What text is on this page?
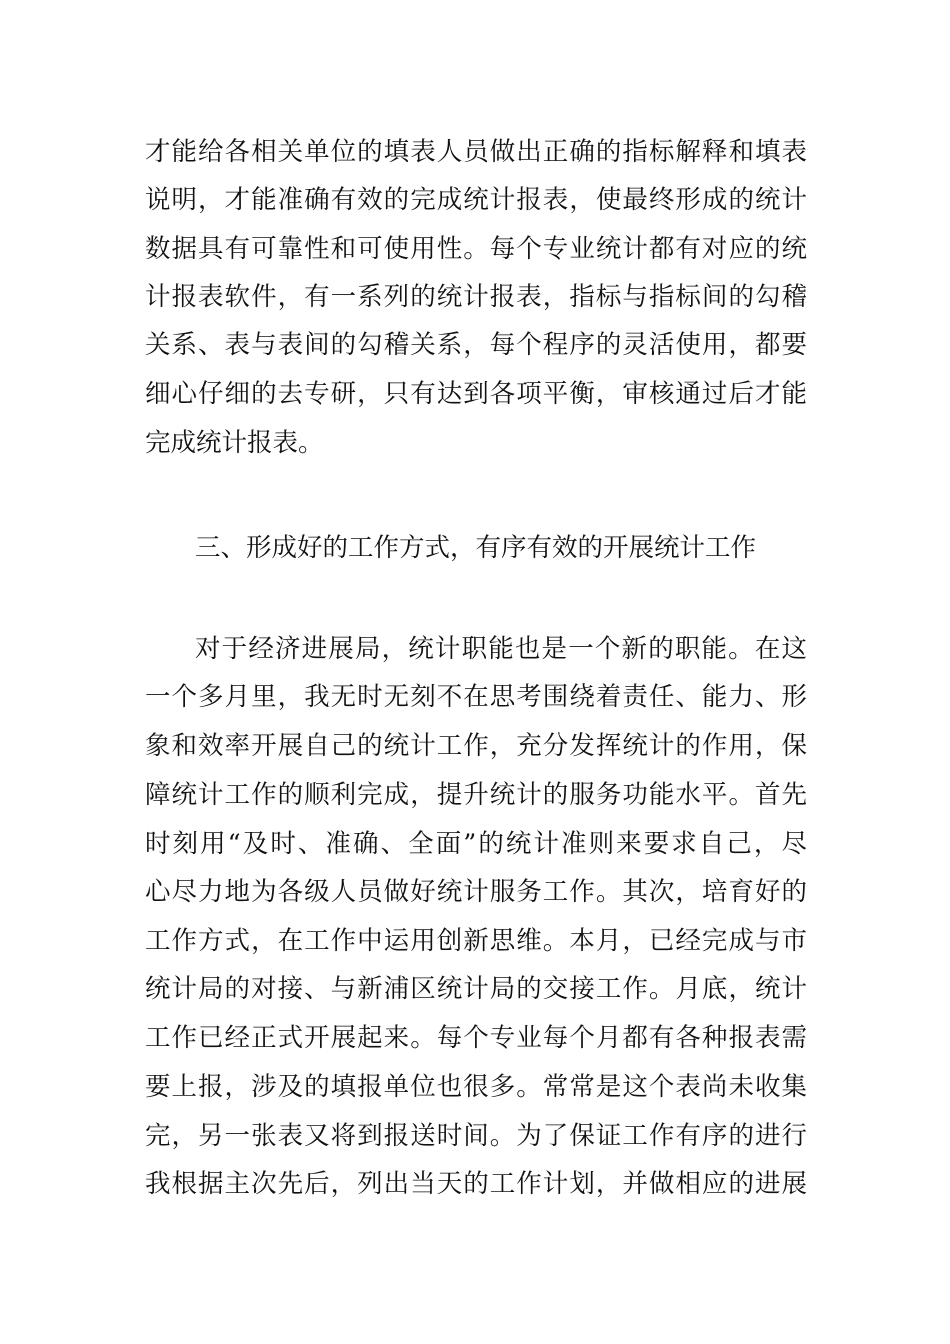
才能给各相关单位的填表人员做出正确的指标解释和填表
说明，才能准确有效的完成统计报表，使最终形成的统计
数据具有可靠性和可使用性。每个专业统计都有对应的统
计报表软件，有一系列的统计报表，指标与指标间的勾稽
关系、表与表间的勾稽关系，每个程序的灵活使用，都要
细心仔细的去专研，只有达到各项平衡，审核通过后才能
完成统计报表。
三、形成好的工作方式，有序有效的开展统计工作
对于经济进展局，统计职能也是一个新的职能。在这
一个多月里，我无时无刻不在思考围绕着责任、能力、形
象和效率开展自己的统计工作，充分发挥统计的作用，保
障统计工作的顺利完成，提升统计的服务功能水平。首先
时刻用“及时、准确、全面”的统计准则来要求自己，尽
心尽力地为各级人员做好统计服务工作。其次，培育好的
工作方式，在工作中运用创新思维。本月，已经完成与市
统计局的对接、与新浦区统计局的交接工作。月底，统计
工作已经正式开展起来。每个专业每个月都有各种报表需
要上报，涉及的填报单位也很多。常常是这个表尚未收集
完，另一张表又将到报送时间。为了保证工作有序的进行
我根据主次先后，列出当天的工作计划，并做相应的进展
